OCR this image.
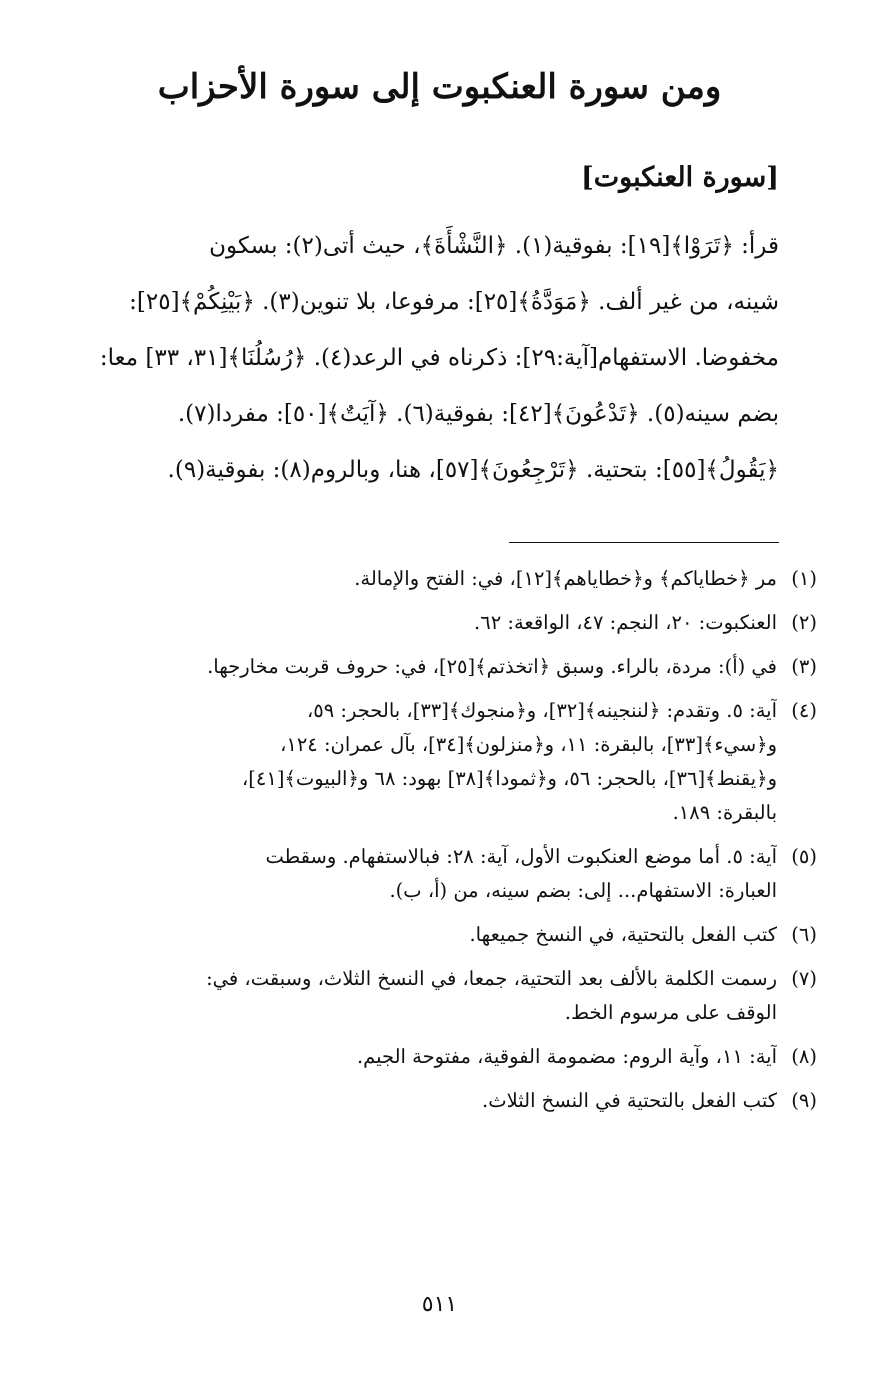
ومن سورة العنكبوت إلى سورة الأحزاب
[سورة العنكبوت]
قرأ: ﴿تَرَوْا﴾[١٩]: بفوقية(١). ﴿النَّشْأَةَ﴾، حيث أتى(٢): بسكون
شينه، من غير ألف. ﴿مَوَدَّةُ﴾[٢٥]: مرفوعا، بلا تنوين(٣). ﴿بَيْنِكُمْ﴾[٢٥]:
مخفوضا. الاستفهام[آية:٢٩]: ذكرناه في الرعد(٤). ﴿رُسُلُنَا﴾[٣١، ٣٣] معا:
بضم سينه(٥). ﴿تَدْعُونَ﴾[٤٢]: بفوقية(٦). ﴿آيَتٌ﴾[٥٠]: مفردا(٧).
﴿يَقُولُ﴾[٥٥]: بتحتية. ﴿تَرْجِعُونَ﴾[٥٧]، هنا، وبالروم(٨): بفوقية(٩).
(١)
مر ﴿خطاياكم﴾ و﴿خطاياهم﴾[١٢]، في: الفتح والإمالة.
(٢)
العنكبوت: ٢٠، النجم: ٤٧، الواقعة: ٦٢.
(٣)
في (أ): مردة، بالراء. وسبق ﴿اتخذتم﴾[٢٥]، في: حروف قربت مخارجها.
(٤)
آية: ٥. وتقدم: ﴿لننجينه﴾[٣٢]، و﴿منجوك﴾[٣٣]، بالحجر: ٥٩،
و﴿سيء﴾[٣٣]، بالبقرة: ١١، و﴿منزلون﴾[٣٤]، بآل عمران: ١٢٤،
و﴿يقنط﴾[٣٦]، بالحجر: ٥٦، و﴿ثمودا﴾[٣٨] بهود: ٦٨ و﴿البيوت﴾[٤١]،
بالبقرة: ١٨٩.
(٥)
آية: ٥. أما موضع العنكبوت الأول، آية: ٢٨: فبالاستفهام. وسقطت
العبارة: الاستفهام... إلى: بضم سينه، من (أ، ب).
(٦)
كتب الفعل بالتحتية، في النسخ جميعها.
(٧)
رسمت الكلمة بالألف بعد التحتية، جمعا، في النسخ الثلاث، وسبقت، في:
الوقف على مرسوم الخط.
(٨)
آية: ١١، وآية الروم: مضمومة الفوقية، مفتوحة الجيم.
(٩)
كتب الفعل بالتحتية في النسخ الثلاث.
٥١١
